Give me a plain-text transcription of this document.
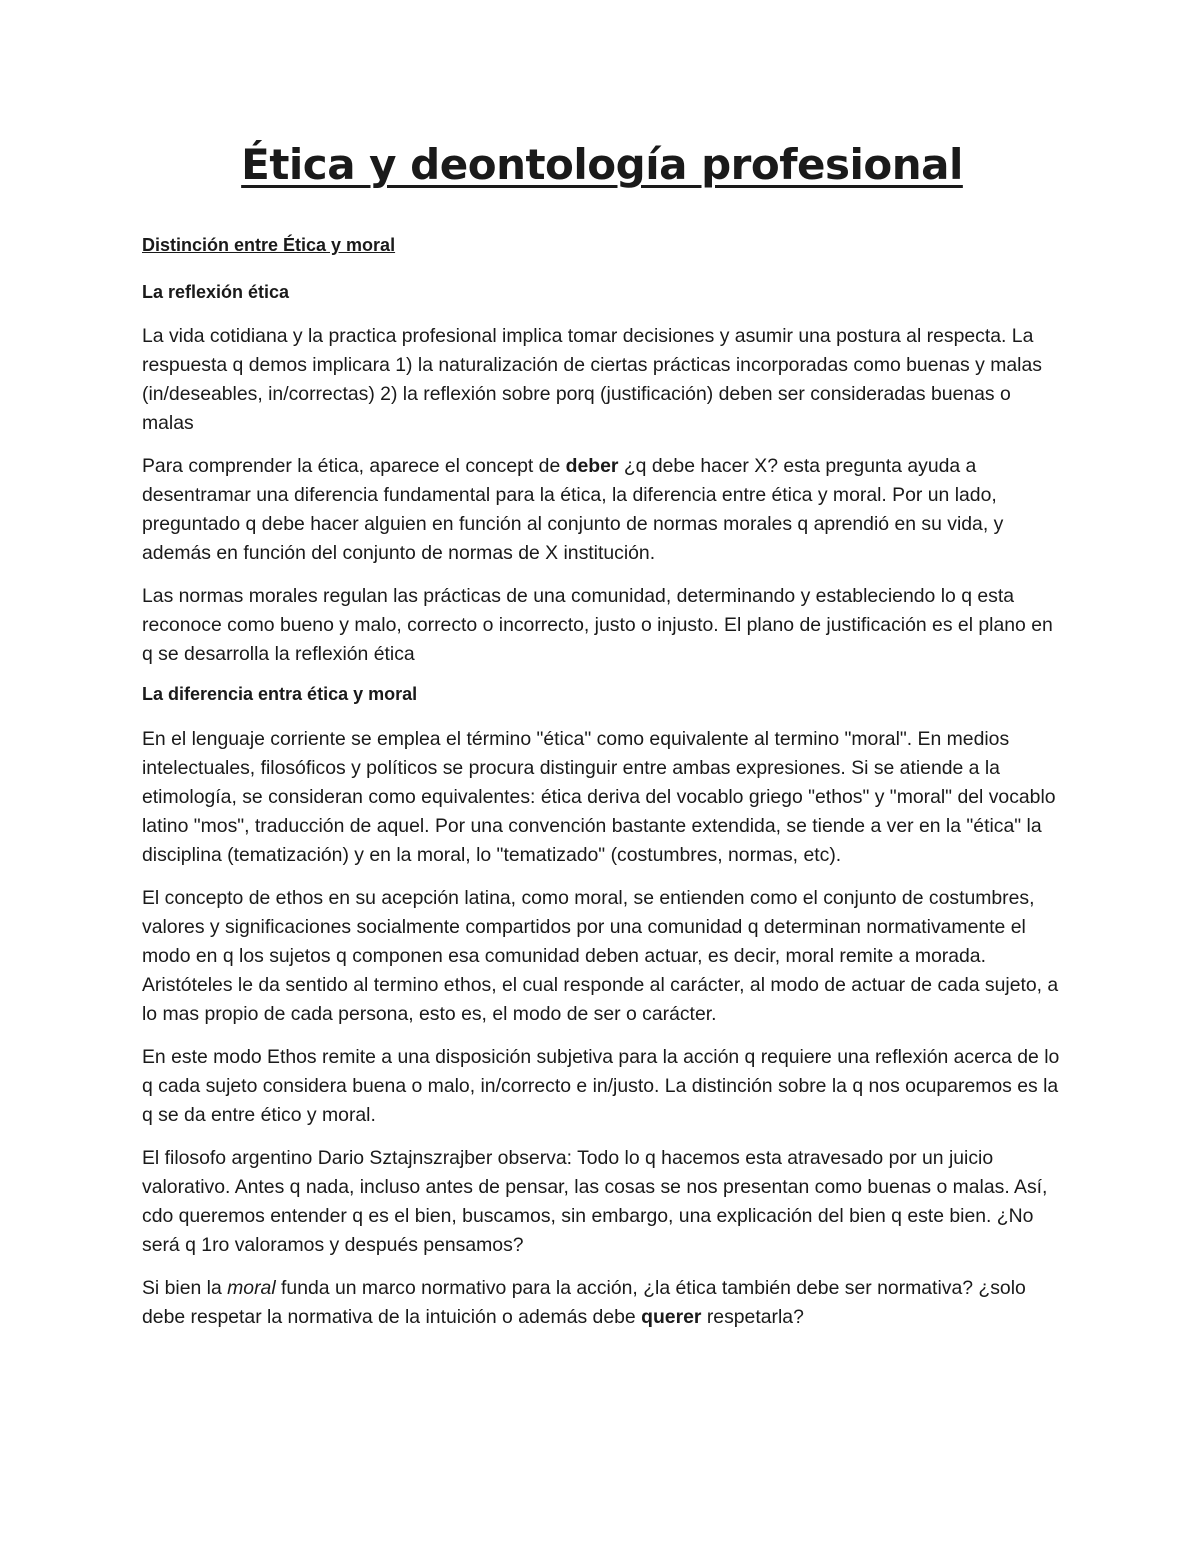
Ética y deontología profesional
Distinción entre Ética y moral
La reflexión ética

La vida cotidiana y la practica profesional implica tomar decisiones y asumir una postura al respecta. La respuesta q demos implicara 1) la naturalización de ciertas prácticas incorporadas como buenas y malas (in/deseables, in/correctas) 2) la reflexión sobre porq (justificación) deben ser consideradas buenas o malas

Para comprender la ética, aparece el concept de deber ¿q debe hacer X? esta pregunta ayuda a desentramar una diferencia fundamental para la ética, la diferencia entre ética y moral. Por un lado, preguntado q debe hacer alguien en función al conjunto de normas morales q aprendió en su vida, y además en función del conjunto de normas de X institución.

Las normas morales regulan las prácticas de una comunidad, determinando y estableciendo lo q esta reconoce como bueno y malo, correcto o incorrecto, justo o injusto. El plano de justificación es el plano en q se desarrolla la reflexión ética

La diferencia entra ética y moral

En el lenguaje corriente se emplea el término "ética" como equivalente al termino "moral". En medios intelectuales, filosóficos y políticos se procura distinguir entre ambas expresiones. Si se atiende a la etimología, se consideran como equivalentes: ética deriva del vocablo griego "ethos" y "moral" del vocablo latino "mos", traducción de aquel. Por una convención bastante extendida, se tiende a ver en la "ética" la disciplina (tematización) y en la moral, lo "tematizado" (costumbres, normas, etc).

El concepto de ethos en su acepción latina, como moral, se entienden como el conjunto de costumbres, valores y significaciones socialmente compartidos por una comunidad q determinan normativamente el modo en q los sujetos q componen esa comunidad deben actuar, es decir, moral remite a morada. Aristóteles le da sentido al termino ethos, el cual responde al carácter, al modo de actuar de cada sujeto, a lo mas propio de cada persona, esto es, el modo de ser o carácter.

En este modo Ethos remite a una disposición subjetiva para la acción q requiere una reflexión acerca de lo q cada sujeto considera buena o malo, in/correcto e in/justo. La distinción sobre la q nos ocuparemos es la q se da entre ético y moral.

El filosofo argentino Dario Sztajnszrajber observa: Todo lo q hacemos esta atravesado por un juicio valorativo. Antes q nada, incluso antes de pensar, las cosas se nos presentan como buenas o malas. Así, cdo queremos entender q es el bien, buscamos, sin embargo, una explicación del bien q este bien. ¿No será q 1ro valoramos y después pensamos?

Si bien la moral funda un marco normativo para la acción, ¿la ética también debe ser normativa? ¿solo debe respetar la normativa de la intuición o además debe querer respetarla?
